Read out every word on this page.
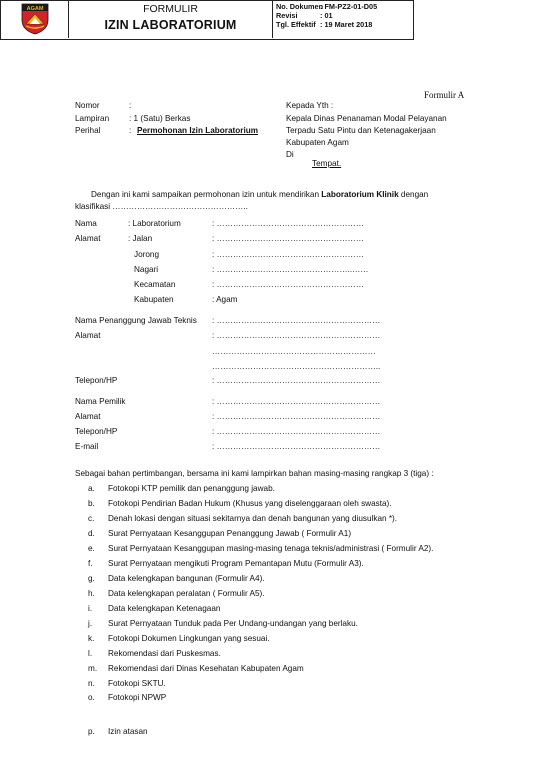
AGAM	FORMULIR
IZIN LABORATORIUM
No. Dokumen: FM-PZ2-01-D05
Revisi	: 01
Tgl. Effektif : 19 Maret 2018
Formulir A
Nomor	:
Lampiran : 1 (Satu) Berkas
Perihal	: Permohonan Izin Laboratorium
Kepada Yth :
Kepala Dinas Penanaman Modal Pelayanan
Terpadu Satu Pintu dan Ketenagakerjaan
Kabupaten Agam
Di
Tempat.
Dengan ini kami sampaikan permohonan izin untuk mendirikan Laboratorium Klinik dengan
klasifikasi …………………………………………..
Nama	: Laboratorium	: ………………………………………………
Alamat	: Jalan	: ………………………………………………
Jorong	: ………………………………………………
Nagari	: …………………………………………..……
Kecamatan	: ………………………………………………
Kabupaten	: Agam
Nama Penanggung Jawab Teknis : ……………………………………………………
Alamat	: ……………………………………………………
……………………………………………………
……………………………………………………..
Telepon/HP	: ……………………………………………………
Nama Pemilik	: ……………………………………………………
Alamat	: ……………………………………………………
Telepon/HP	: ……………………………………………………
E-mail	: ……………………………………………………
Sebagai bahan pertimbangan, bersama ini kami lampirkan bahan masing-masing rangkap 3 (tiga) :
a.	Fotokopi KTP pemilik dan penanggung jawab.
b.	Fotokopi Pendirian Badan Hukum (Khusus yang diselenggaraan oleh swasta).
c.	Denah lokasi dengan situasi sekitarnya dan denah bangunan yang diusulkan *).
d.	Surat Pernyataan Kesanggupan Penanggung Jawab ( Formulir A1)
e.	Surat Pernyataan Kesanggupan masing-masing tenaga teknis/administrasi ( Formulir A2).
f.	Surat Pernyataan mengikuti Program Pemantapan Mutu (Formulir A3).
g.	Data kelengkapan bangunan (Formulir A4).
h.	Data kelengkapan peralatan ( Formulir A5).
i.	Data kelengkapan Ketenagaan
j.	Surat Pernyataan Tunduk pada Per Undang-undangan yang berlaku.
k.	Fotokopi Dokumen Lingkungan yang sesuai.
l.	Rekomendasi dari Puskesmas.
m.	Rekomendasi dari Dinas Kesehatan Kabupaten Agam
n.	Fotokopi SKTU.
o.	Fotokopi NPWP
p.	Izin atasan
